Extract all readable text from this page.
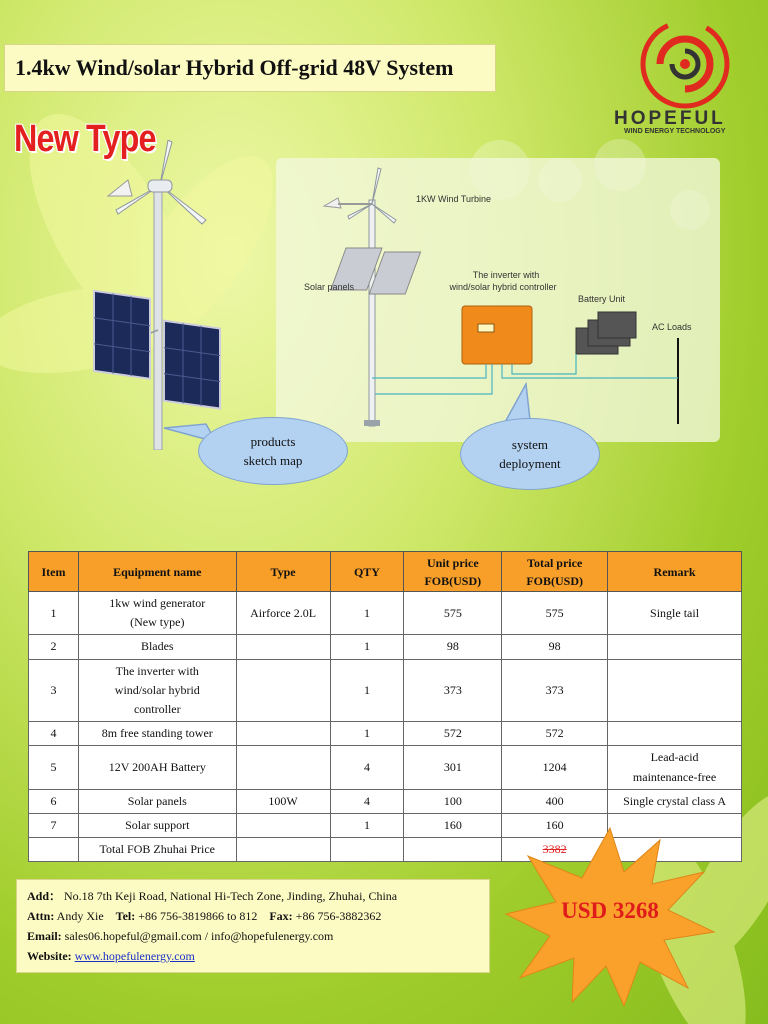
1.4kw Wind/solar Hybrid Off-grid 48V System
HOPEFUL
WIND ENERGY TECHNOLOGY
New Type
1KW Wind Turbine
Solar panels
The inverter with
wind/solar hybrid controller
Battery Unit
AC Loads
products
sketch map
system
deployment
Item	Equipment name	Type	QTY	Unit price
FOB(USD)	Total price
FOB(USD)	Remark
1	1kw wind generator
(New type)	Airforce 2.0L	1	575	575	Single tail
2	Blades		1	98	98	
3	The inverter with
wind/solar hybrid
controller		1	373	373	
4	8m free standing tower		1	572	572	
5	12V 200AH Battery		4	301	1204	Lead-acid
maintenance-free
6	Solar panels	100W	4	100	400	Single crystal class A
7	Solar support		1	160	160	
	Total FOB Zhuhai Price				3382	
Add： No.18 7th Keji Road, National Hi-Tech Zone, Jinding, Zhuhai, China
Attn: Andy Xie Tel: +86 756-3819866 to 812 Fax: +86 756-3882362
Email: sales06.hopeful@gmail.com / info@hopefulenergy.com
Website: www.hopefulenergy.com
USD 3268
